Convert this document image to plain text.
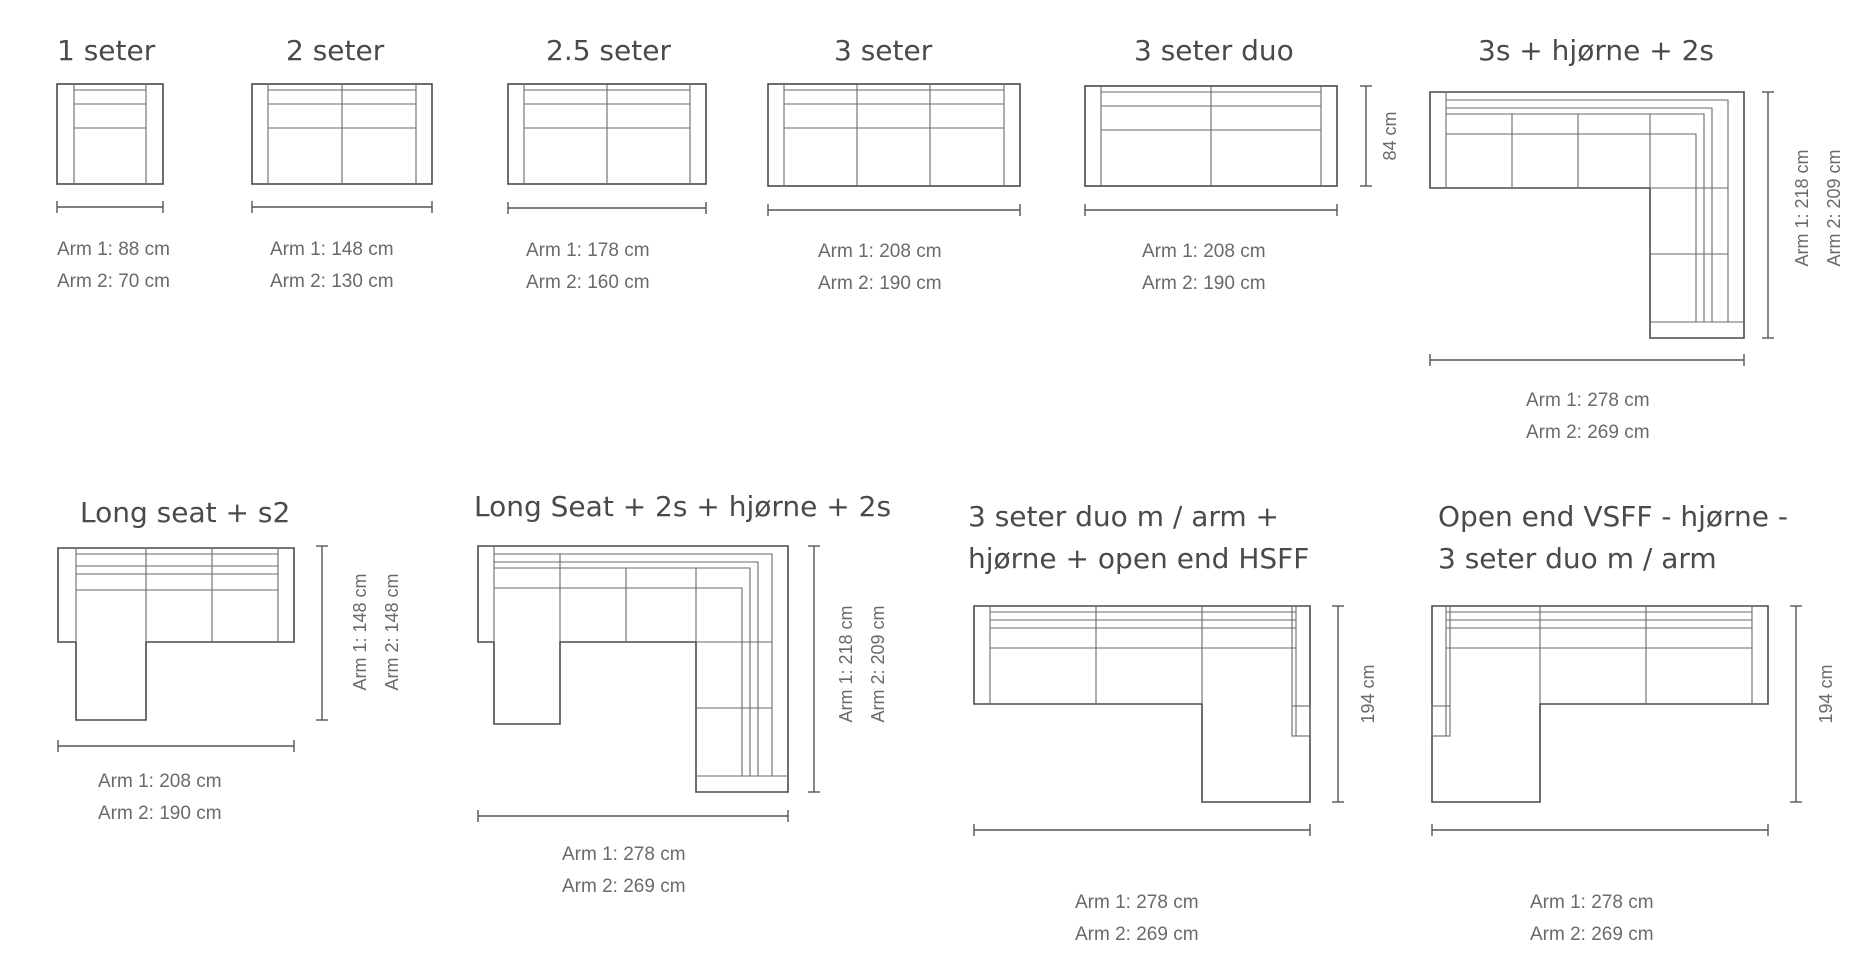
1 seter
Arm 1: 88 cm
Arm 2: 70 cm
2 seter
Arm 1: 148 cm
Arm 2: 130 cm
2.5 seter
Arm 1: 178 cm
Arm 2: 160 cm
3 seter
Arm 1: 208 cm
Arm 2: 190 cm
3 seter duo
84 cm
Arm 1: 208 cm
Arm 2: 190 cm
3s + hjørne + 2s
Arm 1: 218 cm Arm 2: 209 cm
Arm 1: 278 cm
Arm 2: 269 cm
Long seat + s2
Arm 1: 148 cm Arm 2: 148 cm
Arm 1: 208 cm
Arm 2: 190 cm
Long Seat + 2s + hjørne + 2s
Arm 1: 218 cm Arm 2: 209 cm
Arm 1: 278 cm
Arm 2: 269 cm
3 seter duo m / arm +
hjørne + open end HSFF
194 cm
Arm 1: 278 cm
Arm 2: 269 cm
Open end VSFF - hjørne -
3 seter duo m / arm
194 cm
Arm 1: 278 cm
Arm 2: 269 cm
